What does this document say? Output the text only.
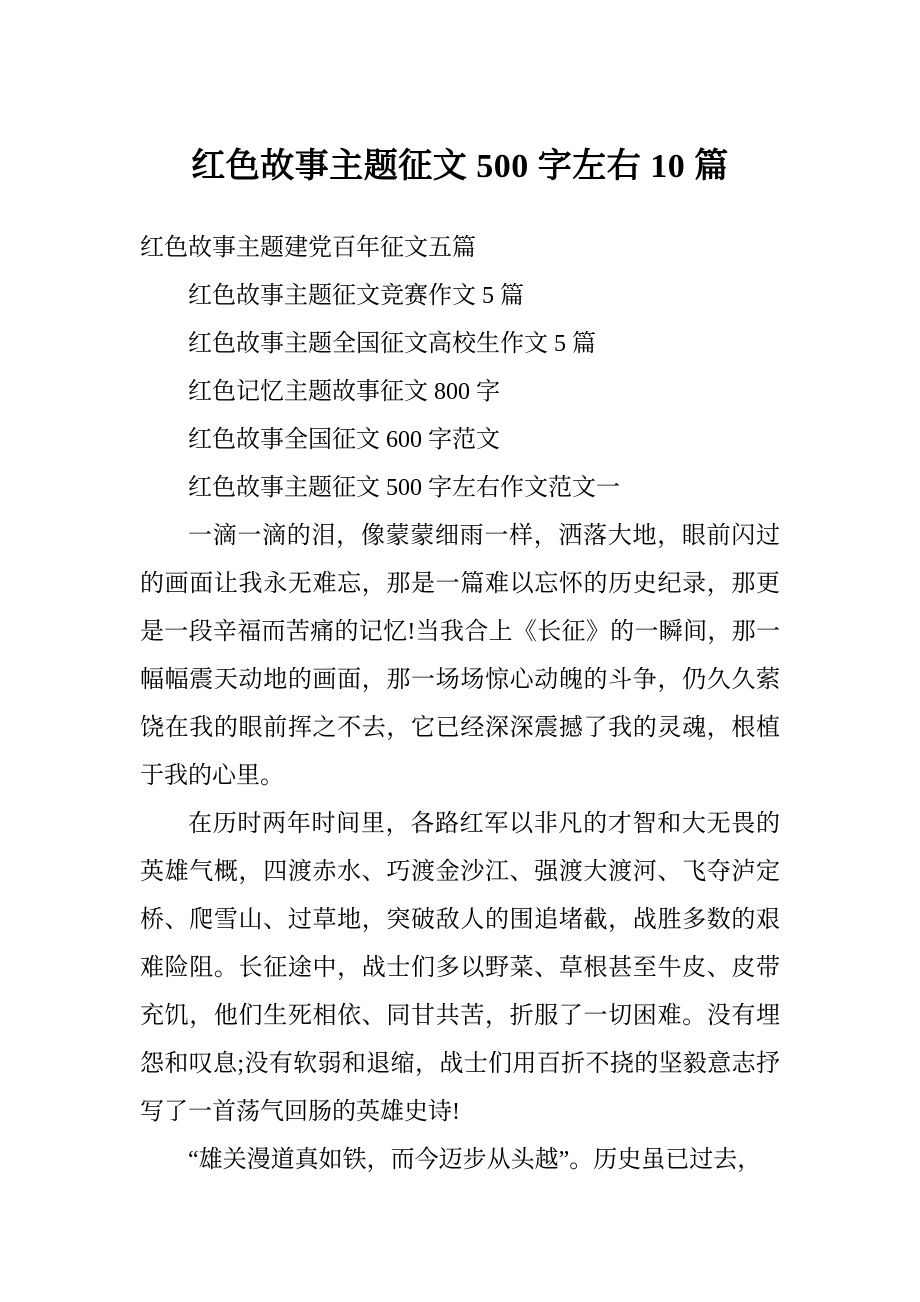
红色故事主题征文 500 字左右 10 篇
红色故事主题建党百年征文五篇
红色故事主题征文竞赛作文 5 篇
红色故事主题全国征文高校生作文 5 篇
红色记忆主题故事征文 800 字
红色故事全国征文 600 字范文
红色故事主题征文 500 字左右作文范文一

一滴一滴的泪，像蒙蒙细雨一样，洒落大地，眼前闪过的画面让我永无难忘，那是一篇难以忘怀的历史纪录，那更是一段辛福而苦痛的记忆!当我合上《长征》的一瞬间，那一幅幅震天动地的画面，那一场场惊心动魄的斗争，仍久久萦饶在我的眼前挥之不去，它已经深深震撼了我的灵魂，根植于我的心里。

在历时两年时间里，各路红军以非凡的才智和大无畏的英雄气概，四渡赤水、巧渡金沙江、强渡大渡河、飞夺泸定桥、爬雪山、过草地，突破敌人的围追堵截，战胜多数的艰难险阻。长征途中，战士们多以野菜、草根甚至牛皮、皮带充饥，他们生死相依、同甘共苦，折服了一切困难。没有埋怨和叹息;没有软弱和退缩，战士们用百折不挠的坚毅意志抒写了一首荡气回肠的英雄史诗!

“雄关漫道真如铁，而今迈步从头越”。历史虽已过去，
